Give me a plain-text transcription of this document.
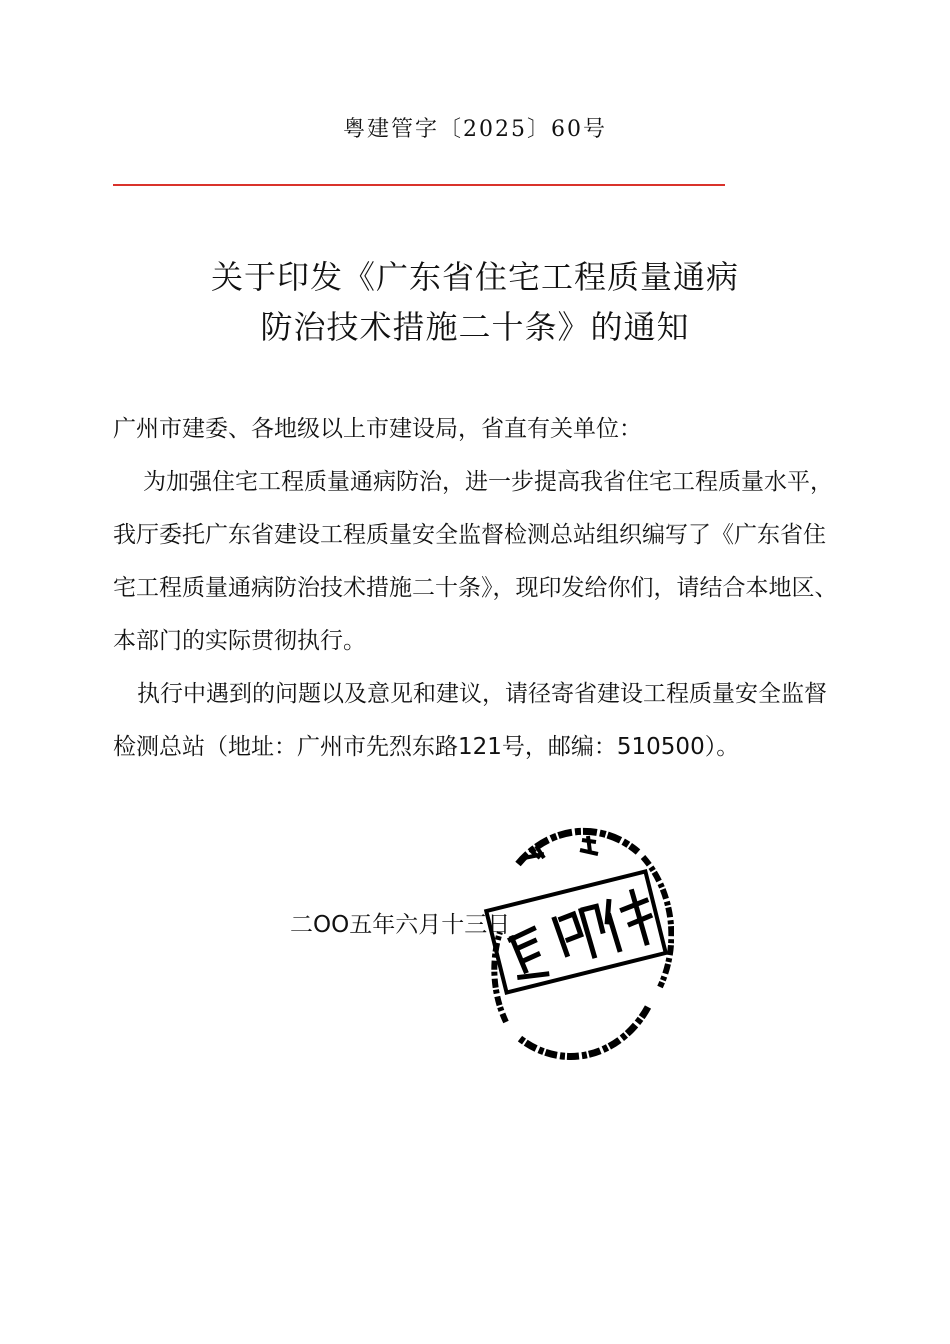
粤建管字〔2025〕60号
关于印发《广东省住宅工程质量通病
防治技术措施二十条》的通知

广州市建委、各地级以上市建设局，省直有关单位：

为加强住宅工程质量通病防治，进一步提高我省住宅工程质量水平，我厅委托广东省建设工程质量安全监督检测总站组织编写了《广东省住宅工程质量通病防治技术措施二十条》，现印发给你们，请结合本地区、本部门的实际贯彻执行。

执行中遇到的问题以及意见和建议，请径寄省建设工程质量安全监督检测总站（地址：广州市先烈东路121号，邮编：510500）。

二OO五年六月十三日
